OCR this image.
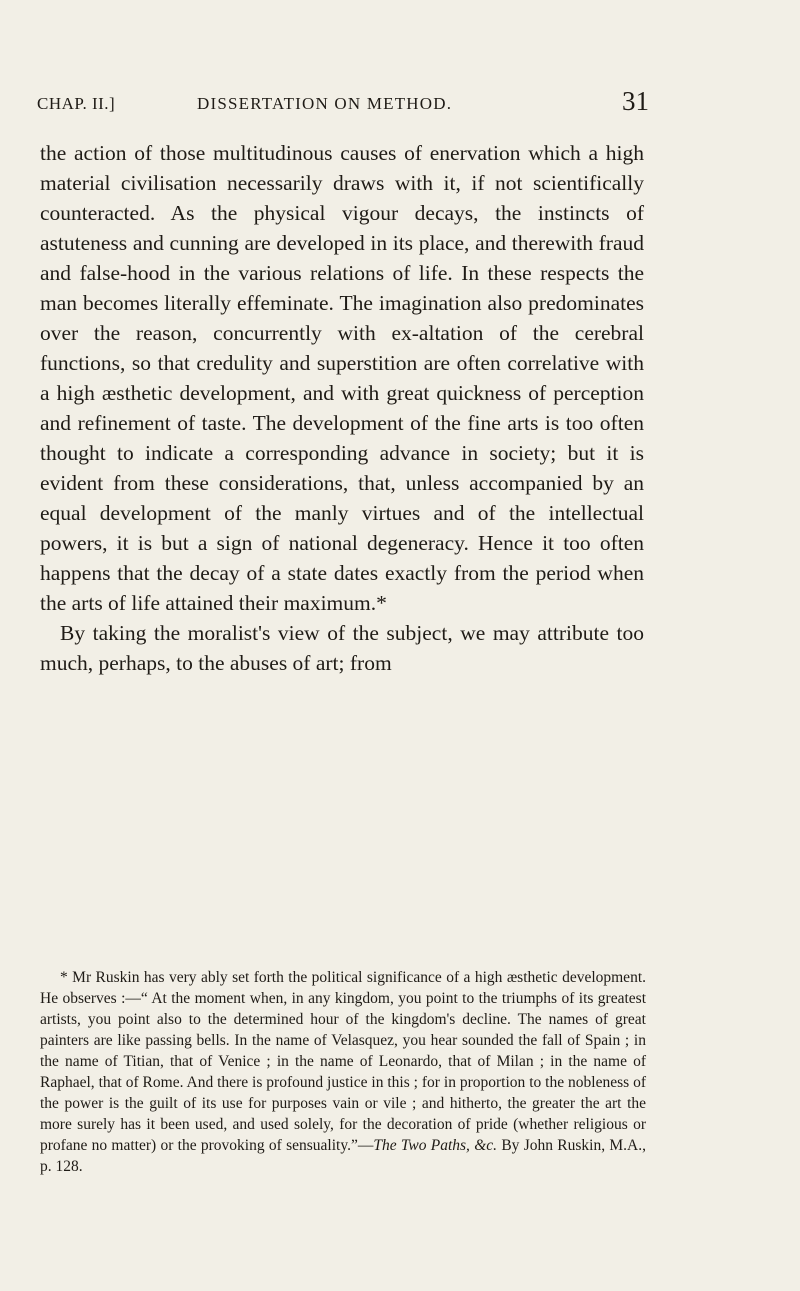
CHAP. II.]	DISSERTATION ON METHOD.	31

the action of those multitudinous causes of enervation which a high material civilisation necessarily draws with it, if not scientifically counteracted. As the physical vigour decays, the instincts of astuteness and cunning are developed in its place, and therewith fraud and false-hood in the various relations of life. In these respects the man becomes literally effeminate. The imagination also predominates over the reason, concurrently with ex-altation of the cerebral functions, so that credulity and superstition are often correlative with a high æsthetic development, and with great quickness of perception and refinement of taste. The development of the fine arts is too often thought to indicate a corresponding advance in society; but it is evident from these considerations, that, unless accompanied by an equal development of the manly virtues and of the intellectual powers, it is but a sign of national degeneracy. Hence it too often happens that the decay of a state dates exactly from the period when the arts of life attained their maximum.*

By taking the moralist's view of the subject, we may attribute too much, perhaps, to the abuses of art; from

* Mr Ruskin has very ably set forth the political significance of a high æsthetic development. He observes :—“ At the moment when, in any kingdom, you point to the triumphs of its greatest artists, you point also to the determined hour of the kingdom's decline. The names of great painters are like passing bells. In the name of Velasquez, you hear sounded the fall of Spain ; in the name of Titian, that of Venice ; in the name of Leonardo, that of Milan ; in the name of Raphael, that of Rome. And there is profound justice in this ; for in proportion to the nobleness of the power is the guilt of its use for purposes vain or vile ; and hitherto, the greater the art the more surely has it been used, and used solely, for the decoration of pride (whether religious or profane no matter) or the provoking of sensuality.”—The Two Paths, &c. By John Ruskin, M.A., p. 128.
